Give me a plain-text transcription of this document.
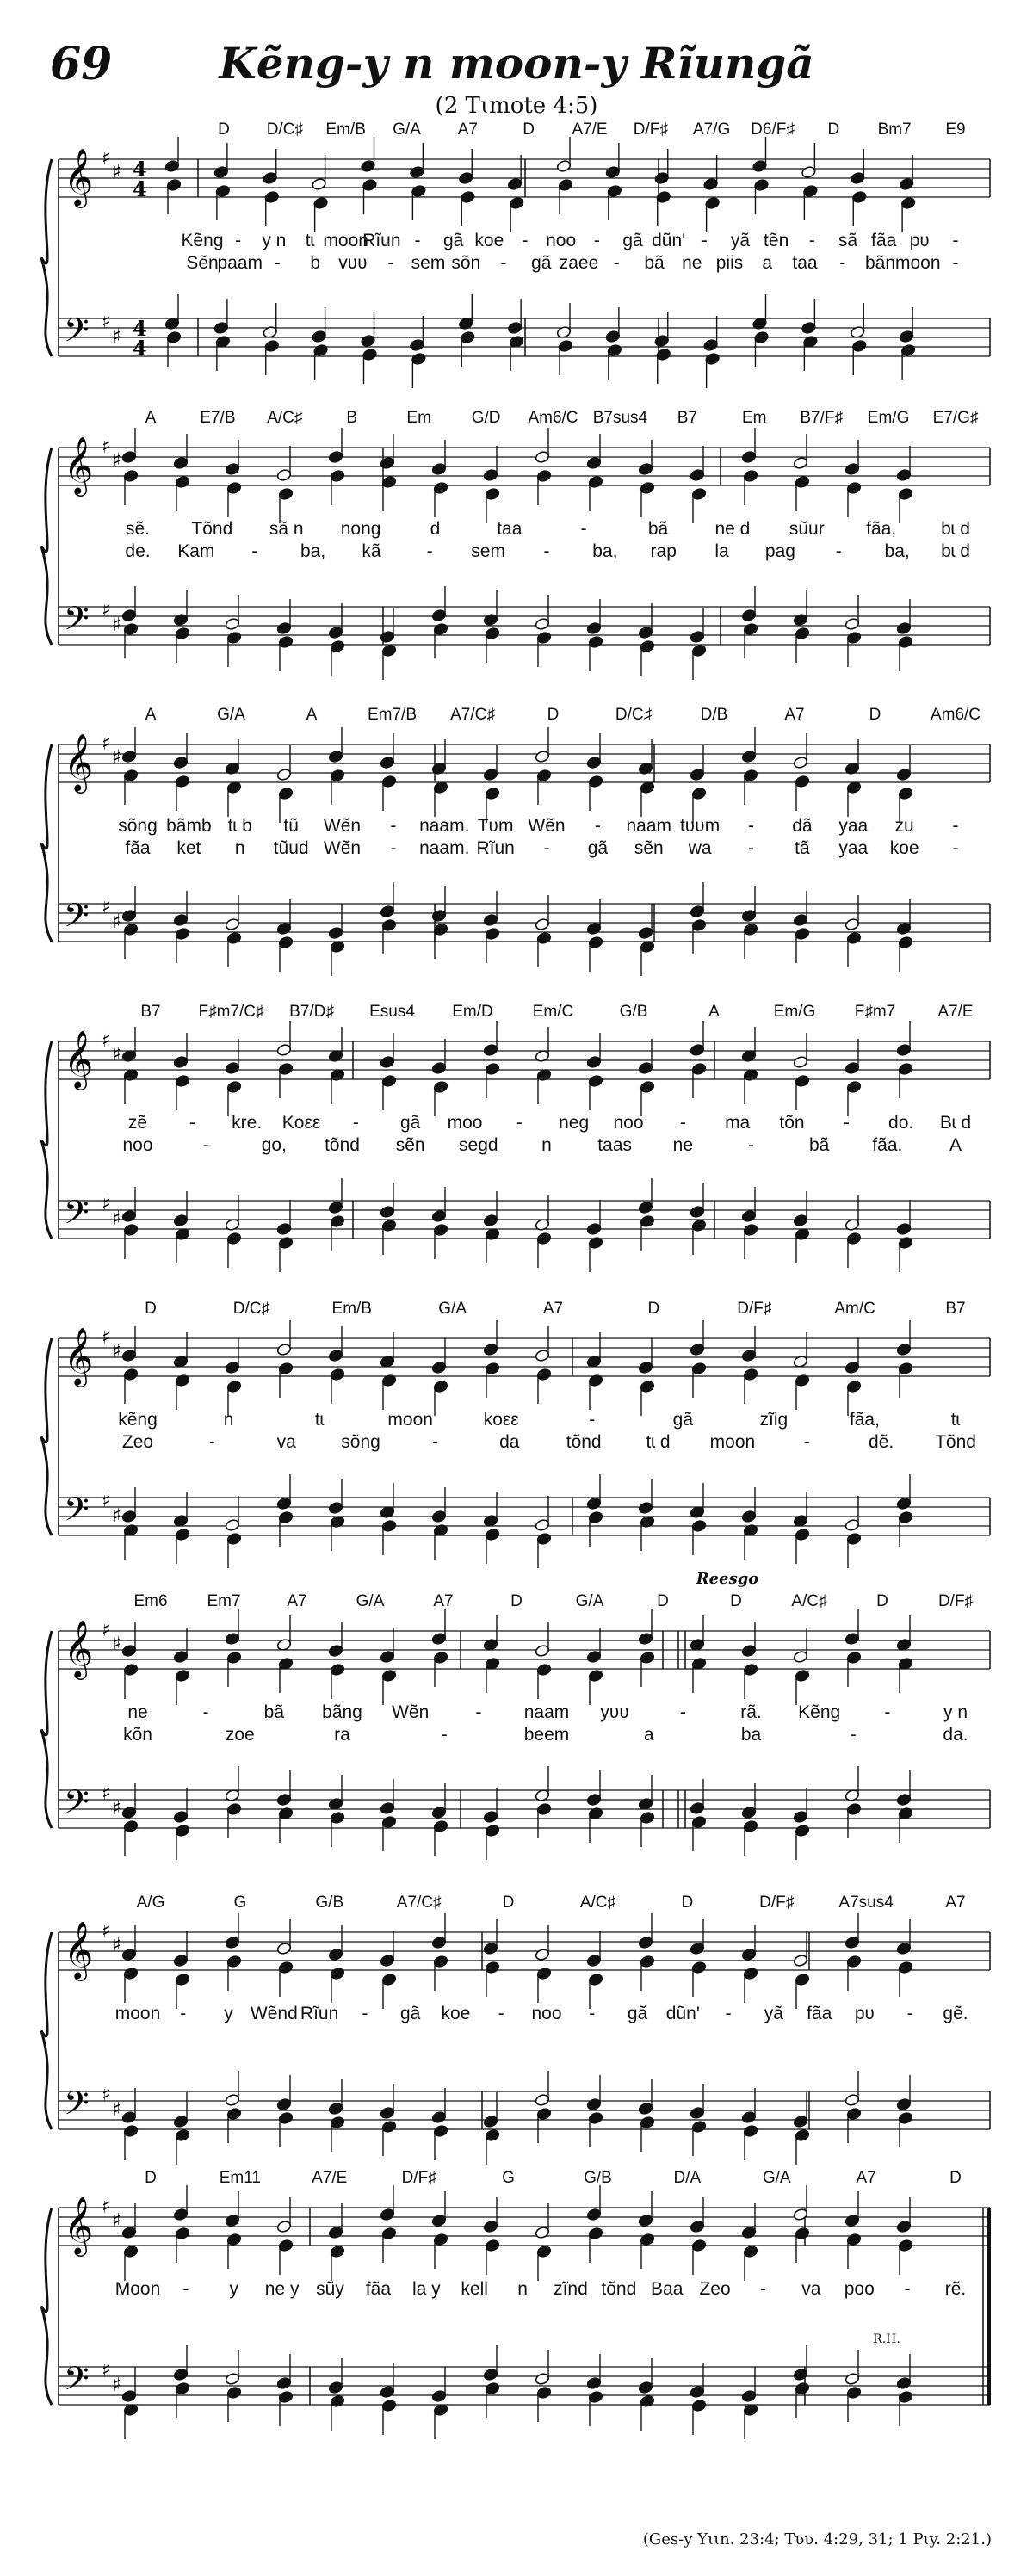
69	Kẽng-y n moon-y Rĩungã
(2 Tɩmote 4:5)
𝄞
𝄢
♯
♯
♯
♯
4
4
4
4
D D/C♯ Em/B G/A A7	D A7/E D/F♯ A7/G D6/F♯ D Bm7 E9
Kẽng - y n tɩ moon
Rĩun - gã koe - noo - gã dũn' - yã tẽn - sã fãa pʋ -
Sẽn
paam - b vʋʋ - sem sõn - gã zaee - bã ne piis a taa - bãn moon -
𝄞
𝄢
♯
♯
♯
♯
A	E7/B A/C♯	B	Em G/D Am6/C B7sus4 B7	Em B7/F♯ Em/G E7/G♯
sẽ. Tõnd sã n nong	d	taa	-	bã	ne d sũur fãa, bɩ d
de. Kam - ba, kã	- sem - ba, rap la pag - ba, bɩ d
𝄞
𝄢
♯
♯
♯
♯
A	G/A	A	Em7/B A7/C♯	D	D/C♯	D/B	A7	D	Am6/C
sõng bãmb tɩ b tũ Wẽn - naam. Tʋm Wẽn - naam tʋʋm - dã yaa zu -
fãa ket n tũud Wẽn - naam. Rĩun - gã sẽn wa - tã yaa koe -
𝄞
𝄢
♯
♯
♯
♯
B7 F♯m7/C♯ B7/D♯ Esus4 Em/D Em/C	G/B	A	Em/G F♯m7	A7/E
zẽ - kre. Koεε - gã moo - neg noo - ma tõn - do. Bɩ d
noo	-	go, tõnd sẽn segd n	taas ne	-	bã fãa.	A
𝄞
𝄢
♯
♯
♯
♯
D	D/C♯	Em/B	G/A	A7	D	D/F♯	Am/C	B7
kẽng	n	tɩ	moon	koεε	-	gã	zĩig	fãa,	tɩ
Zeo	-	va sõng	-	da	tõnd tɩ d moon	-	dẽ. Tõnd
𝄞
𝄢
♯
♯
♯
♯
Reesgo
Em6 Em7	A7	G/A	A7	D	G/A	D	D	A/C♯	D	D/F♯
ne	-	bã bãng Wẽn	- naam yʋʋ	-	rã. Kẽng -	y n
kõn	zoe	ra	-	beem	a	ba	-	da.
𝄞
𝄢
♯
♯
♯
♯
A/G	G	G/B	A7/C♯	D	A/C♯	D	D/F♯	A7sus4	A7
moon - y Wẽnd Rĩun - gã koe - noo - gã dũn' - yã fãa pʋ - gẽ.
𝄞
𝄢
♯
♯
♯
♯
R.H.
D	Em11	A7/E	D/F♯	G	G/B	D/A	G/A	A7	D
Moon - y ne y sũy fãa la y kell n zĩnd tõnd Baa Zeo - va poo - rẽ.
(Ges-y Yɩɩn. 23:4; Tʋʋ. 4:29, 31; 1 Pɩy. 2:21.)
